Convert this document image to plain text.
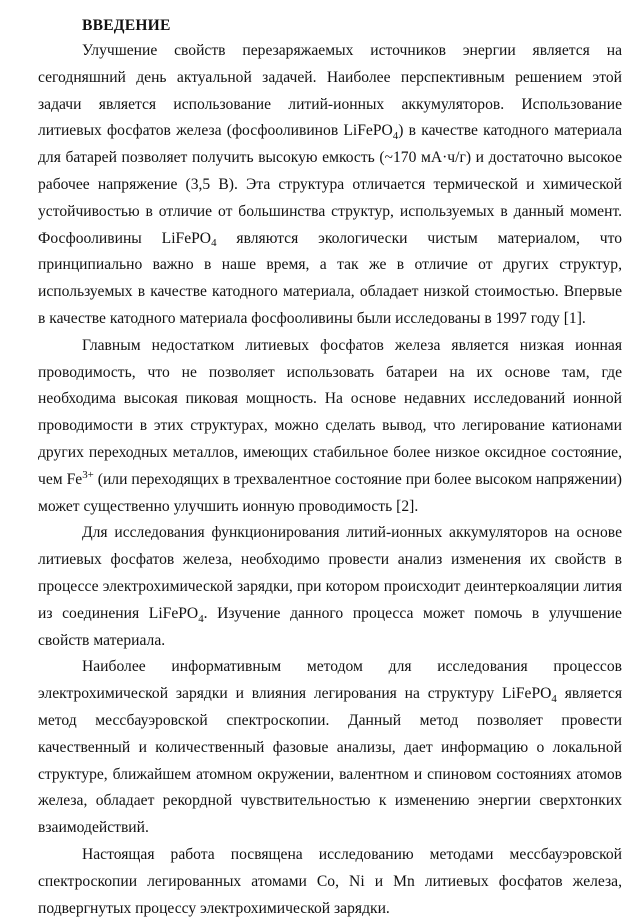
ВВЕДЕНИЕ

Улучшение свойств перезаряжаемых источников энергии является на сегодняшний день актуальной задачей. Наиболее перспективным решением этой задачи является использование литий-ионных аккумуляторов. Использование литиевых фосфатов железа (фосфооливинов LiFePO$_4$) в качестве катодного материала для батарей позволяет получить высокую емкость (~170 мА·ч/г) и достаточно высокое рабочее напряжение (3,5 В). Эта структура отличается термической и химической устойчивостью в отличие от большинства структур, используемых в данный момент. Фосфооливины LiFePO$_4$ являются экологически чистым материалом, что принципиально важно в наше время, а так же в отличие от других структур, используемых в качестве катодного материала, обладает низкой стоимостью. Впервые в качестве катодного материала фосфооливины были исследованы в 1997 году [1].

Главным недостатком литиевых фосфатов железа является низкая ионная проводимость, что не позволяет использовать батареи на их основе там, где необходима высокая пиковая мощность. На основе недавних исследований ионной проводимости в этих структурах, можно сделать вывод, что легирование катионами других переходных металлов, имеющих стабильное более низкое оксидное состояние, чем $Fe^{3+}$ (или переходящих в трехвалентное состояние при более высоком напряжении) может существенно улучшить ионную проводимость [2].

Для исследования функционирования литий-ионных аккумуляторов на основе литиевых фосфатов железа, необходимо провести анализ изменения их свойств в процессе электрохимической зарядки, при котором происходит деинтеркоаляции лития из соединения LiFePO$_4$. Изучение данного процесса может помочь в улучшение свойств материала.

Наиболее информативным методом для исследования процессов электрохимической зарядки и влияния легирования на структуру LiFePO$_4$ является метод мессбауэровской спектроскопии. Данный метод позволяет провести качественный и количественный фазовые анализы, дает информацию о локальной структуре, ближайшем атомном окружении, валентном и спиновом состояниях атомов железа, обладает рекордной чувствительностью к изменению энергии сверхтонких взаимодействий.

Настоящая работа посвящена исследованию методами мессбауэровской спектроскопии легированных атомами Co, Ni и Mn литиевых фосфатов железа, подвергнутых процессу электрохимической зарядки.
